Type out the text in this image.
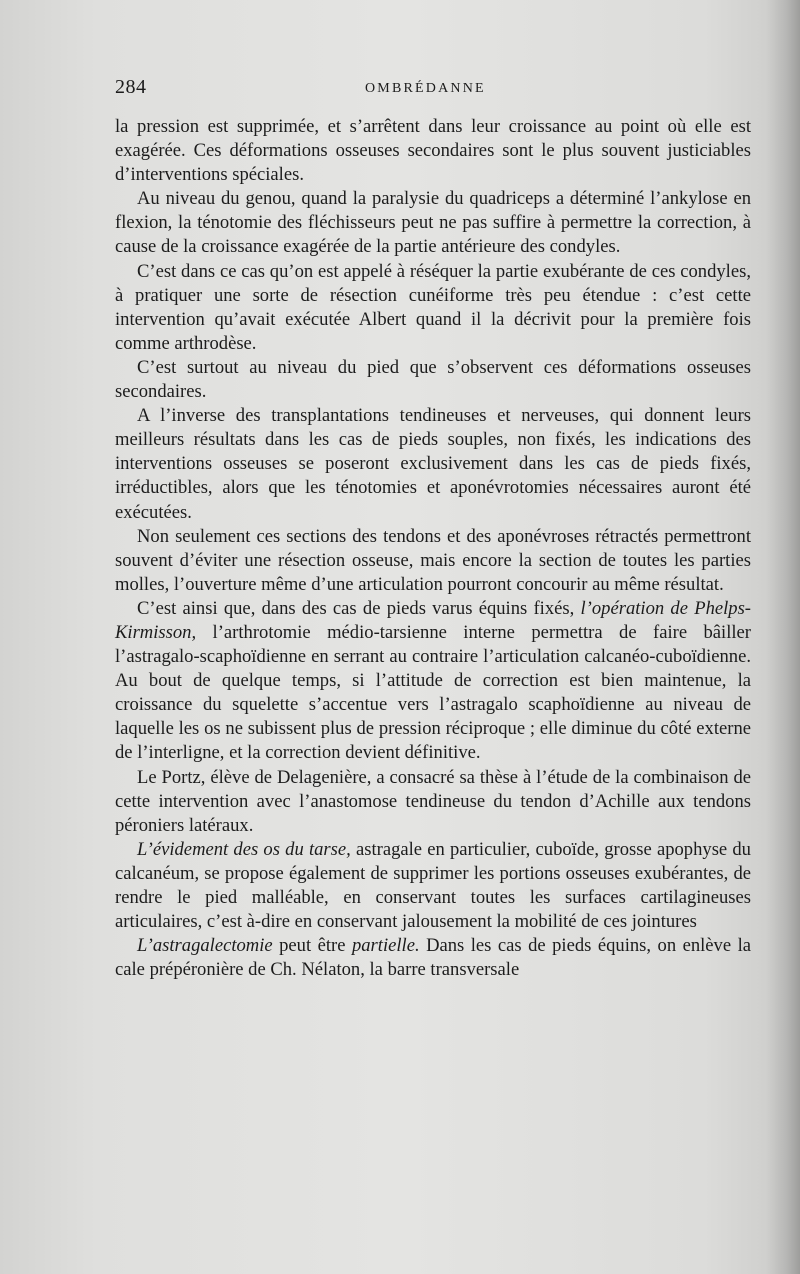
284	OMBRÉDANNE

la pression est supprimée, et s’arrêtent dans leur croissance au point où elle est exagérée. Ces déformations osseuses secondaires sont le plus souvent justiciables d’interventions spéciales.

Au niveau du genou, quand la paralysie du quadriceps a déterminé l’ankylose en flexion, la ténotomie des fléchisseurs peut ne pas suffire à permettre la correction, à cause de la croissance exagérée de la partie antérieure des condyles.

C’est dans ce cas qu’on est appelé à réséquer la partie exubérante de ces condyles, à pratiquer une sorte de résection cunéiforme très peu étendue : c’est cette intervention qu’avait exécutée Albert quand il la décrivit pour la première fois comme arthrodèse.

C’est surtout au niveau du pied que s’observent ces déformations osseuses secondaires.

A l’inverse des transplantations tendineuses et nerveuses, qui donnent leurs meilleurs résultats dans les cas de pieds souples, non fixés, les indications des interventions osseuses se poseront exclusivement dans les cas de pieds fixés, irréductibles, alors que les ténotomies et aponévrotomies nécessaires auront été exécutées.

Non seulement ces sections des tendons et des aponévroses rétractés permettront souvent d’éviter une résection osseuse, mais encore la section de toutes les parties molles, l’ouverture même d’une articulation pourront concourir au même résultat.

C’est ainsi que, dans des cas de pieds varus équins fixés, l’opération de Phelps-Kirmisson, l’arthrotomie médio-tarsienne interne permettra de faire bâiller l’astragalo-scaphoïdienne en serrant au contraire l’articulation calcanéo-cuboïdienne. Au bout de quelque temps, si l’attitude de correction est bien maintenue, la croissance du squelette s’accentue vers l’astragalo scaphoïdienne au niveau de laquelle les os ne subissent plus de pression réciproque ; elle diminue du côté externe de l’interligne, et la correction devient définitive.

Le Portz, élève de Delagenière, a consacré sa thèse à l’étude de la combinaison de cette intervention avec l’anastomose tendineuse du tendon d’Achille aux tendons péroniers latéraux.

L’évidement des os du tarse, astragale en particulier, cuboïde, grosse apophyse du calcanéum, se propose également de supprimer les portions osseuses exubérantes, de rendre le pied malléable, en conservant toutes les surfaces cartilagineuses articulaires, c’est à-dire en conservant jalousement la mobilité de ces jointures

L’astragalectomie peut être partielle. Dans les cas de pieds équins, on enlève la cale prépéronière de Ch. Nélaton, la barre transversale
